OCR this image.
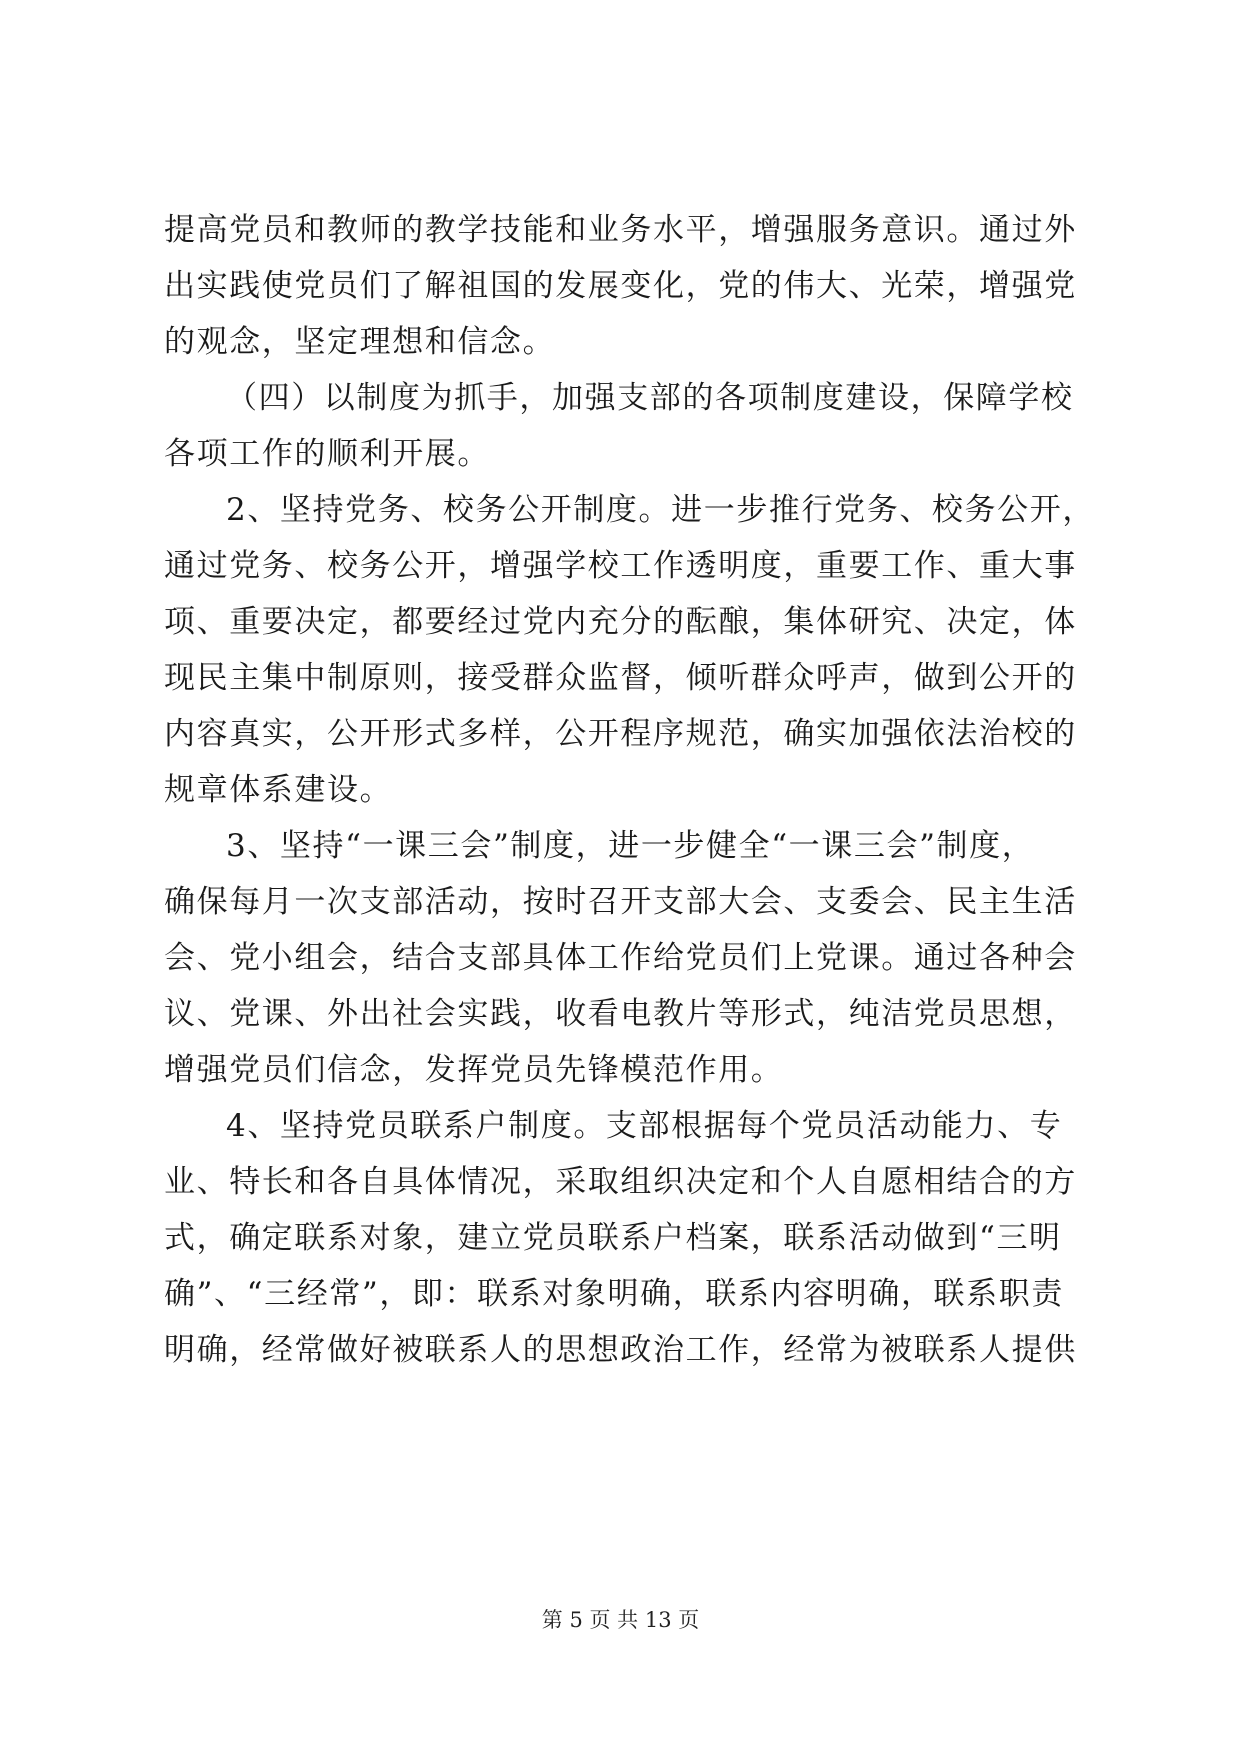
提高党员和教师的教学技能和业务水平，增强服务意识。通过外
出实践使党员们了解祖国的发展变化，党的伟大、光荣，增强党
的观念，坚定理想和信念。
（四）以制度为抓手，加强支部的各项制度建设，保障学校
各项工作的顺利开展。
2、坚持党务、校务公开制度。进一步推行党务、校务公开，
通过党务、校务公开，增强学校工作透明度，重要工作、重大事
项、重要决定，都要经过党内充分的酝酿，集体研究、决定，体
现民主集中制原则，接受群众监督，倾听群众呼声，做到公开的
内容真实，公开形式多样，公开程序规范，确实加强依法治校的
规章体系建设。
3、坚持“一课三会”制度，进一步健全“一课三会”制度，
确保每月一次支部活动，按时召开支部大会、支委会、民主生活
会、党小组会，结合支部具体工作给党员们上党课。通过各种会
议、党课、外出社会实践，收看电教片等形式，纯洁党员思想，
增强党员们信念，发挥党员先锋模范作用。
4、坚持党员联系户制度。支部根据每个党员活动能力、专
业、特长和各自具体情况，采取组织决定和个人自愿相结合的方
式，确定联系对象，建立党员联系户档案，联系活动做到“三明
确”、“三经常”，即：联系对象明确，联系内容明确，联系职责
明确，经常做好被联系人的思想政治工作，经常为被联系人提供
第 5 页 共 13 页
